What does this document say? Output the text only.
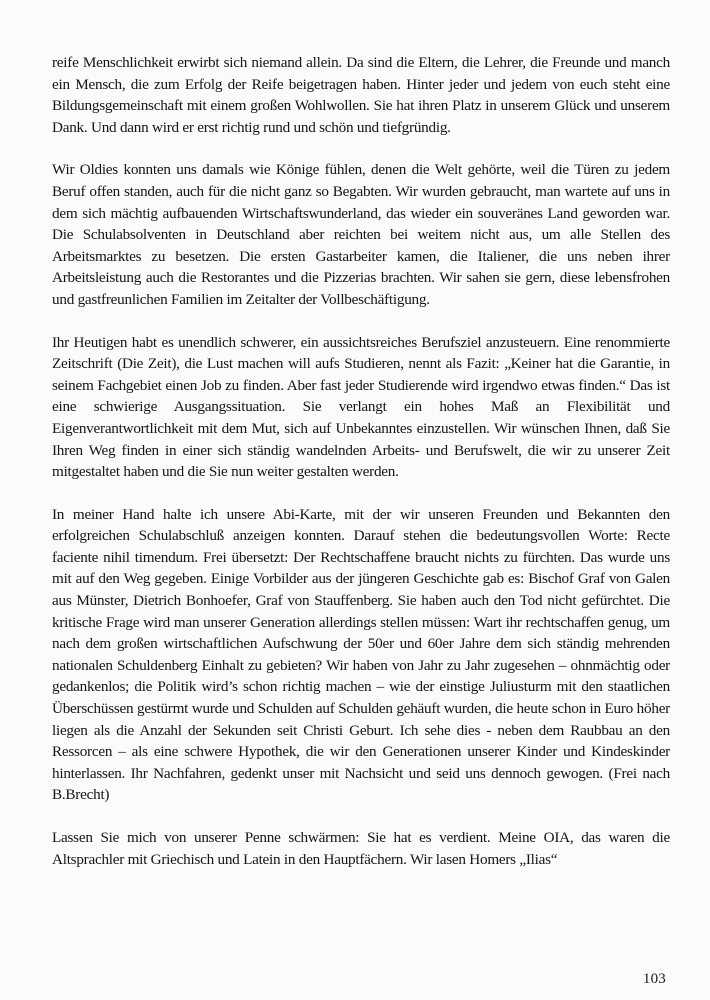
reife Menschlichkeit erwirbt sich niemand allein. Da sind die Eltern, die Lehrer, die Freunde und manch ein Mensch, die zum Erfolg der Reife beigetragen haben. Hinter jeder und jedem von euch steht eine Bildungsgemeinschaft mit einem großen Wohlwollen. Sie hat ihren Platz in unserem Glück und unserem Dank. Und dann wird er erst richtig rund und schön und tiefgründig.

Wir Oldies konnten uns damals wie Könige fühlen, denen die Welt gehörte, weil die Türen zu jedem Beruf offen standen, auch für die nicht ganz so Begabten. Wir wurden gebraucht, man wartete auf uns in dem sich mächtig aufbauenden Wirtschaftswunderland, das wieder ein souveränes Land geworden war. Die Schulabsolventen in Deutschland aber reichten bei weitem nicht aus, um alle Stellen des Arbeitsmarktes zu besetzen. Die ersten Gastarbeiter kamen, die Italiener, die uns neben ihrer Arbeitsleistung auch die Restorantes und die Pizzerias brachten. Wir sahen sie gern, diese lebensfrohen und gastfreunlichen Familien im Zeitalter der Vollbeschäftigung.

Ihr Heutigen habt es unendlich schwerer, ein aussichtsreiches Berufsziel anzusteuern. Eine renommierte Zeitschrift (Die Zeit), die Lust machen will aufs Studieren, nennt als Fazit: „Keiner hat die Garantie, in seinem Fachgebiet einen Job zu finden. Aber fast jeder Studierende wird irgendwo etwas finden.“ Das ist eine schwierige Ausgangssituation. Sie verlangt ein hohes Maß an Flexibilität und Eigenverantwortlichkeit mit dem Mut, sich auf Unbekanntes einzustellen. Wir wünschen Ihnen, daß Sie Ihren Weg finden in einer sich ständig wandelnden Arbeits- und Berufswelt, die wir zu unserer Zeit mitgestaltet haben und die Sie nun weiter gestalten werden.

In meiner Hand halte ich unsere Abi-Karte, mit der wir unseren Freunden und Bekannten den erfolgreichen Schulabschluß anzeigen konnten. Darauf stehen die bedeutungsvollen Worte: Recte faciente nihil timendum. Frei übersetzt: Der Rechtschaffene braucht nichts zu fürchten. Das wurde uns mit auf den Weg gegeben. Einige Vorbilder aus der jüngeren Geschichte gab es: Bischof Graf von Galen aus Münster, Dietrich Bonhoefer, Graf von Stauffenberg. Sie haben auch den Tod nicht gefürchtet. Die kritische Frage wird man unserer Generation allerdings stellen müssen: Wart ihr rechtschaffen genug, um nach dem großen wirtschaftlichen Aufschwung der 50er und 60er Jahre dem sich ständig mehrenden nationalen Schuldenberg Einhalt zu gebieten? Wir haben von Jahr zu Jahr zugesehen – ohnmächtig oder gedankenlos; die Politik wird’s schon richtig machen – wie der einstige Juliusturm mit den staatlichen Überschüssen gestürmt wurde und Schulden auf Schulden gehäuft wurden, die heute schon in Euro höher liegen als die Anzahl der Sekunden seit Christi Geburt. Ich sehe dies - neben dem Raubbau an den Ressorcen – als eine schwere Hypothek, die wir den Generationen unserer Kinder und Kindeskinder hinterlassen. Ihr Nachfahren, gedenkt unser mit Nachsicht und seid uns dennoch gewogen. (Frei nach B.Brecht)

Lassen Sie mich von unserer Penne schwärmen: Sie hat es verdient. Meine OIA, das waren die Altsprachler mit Griechisch und Latein in den Hauptfächern. Wir lasen Homers „Ilias“

103
